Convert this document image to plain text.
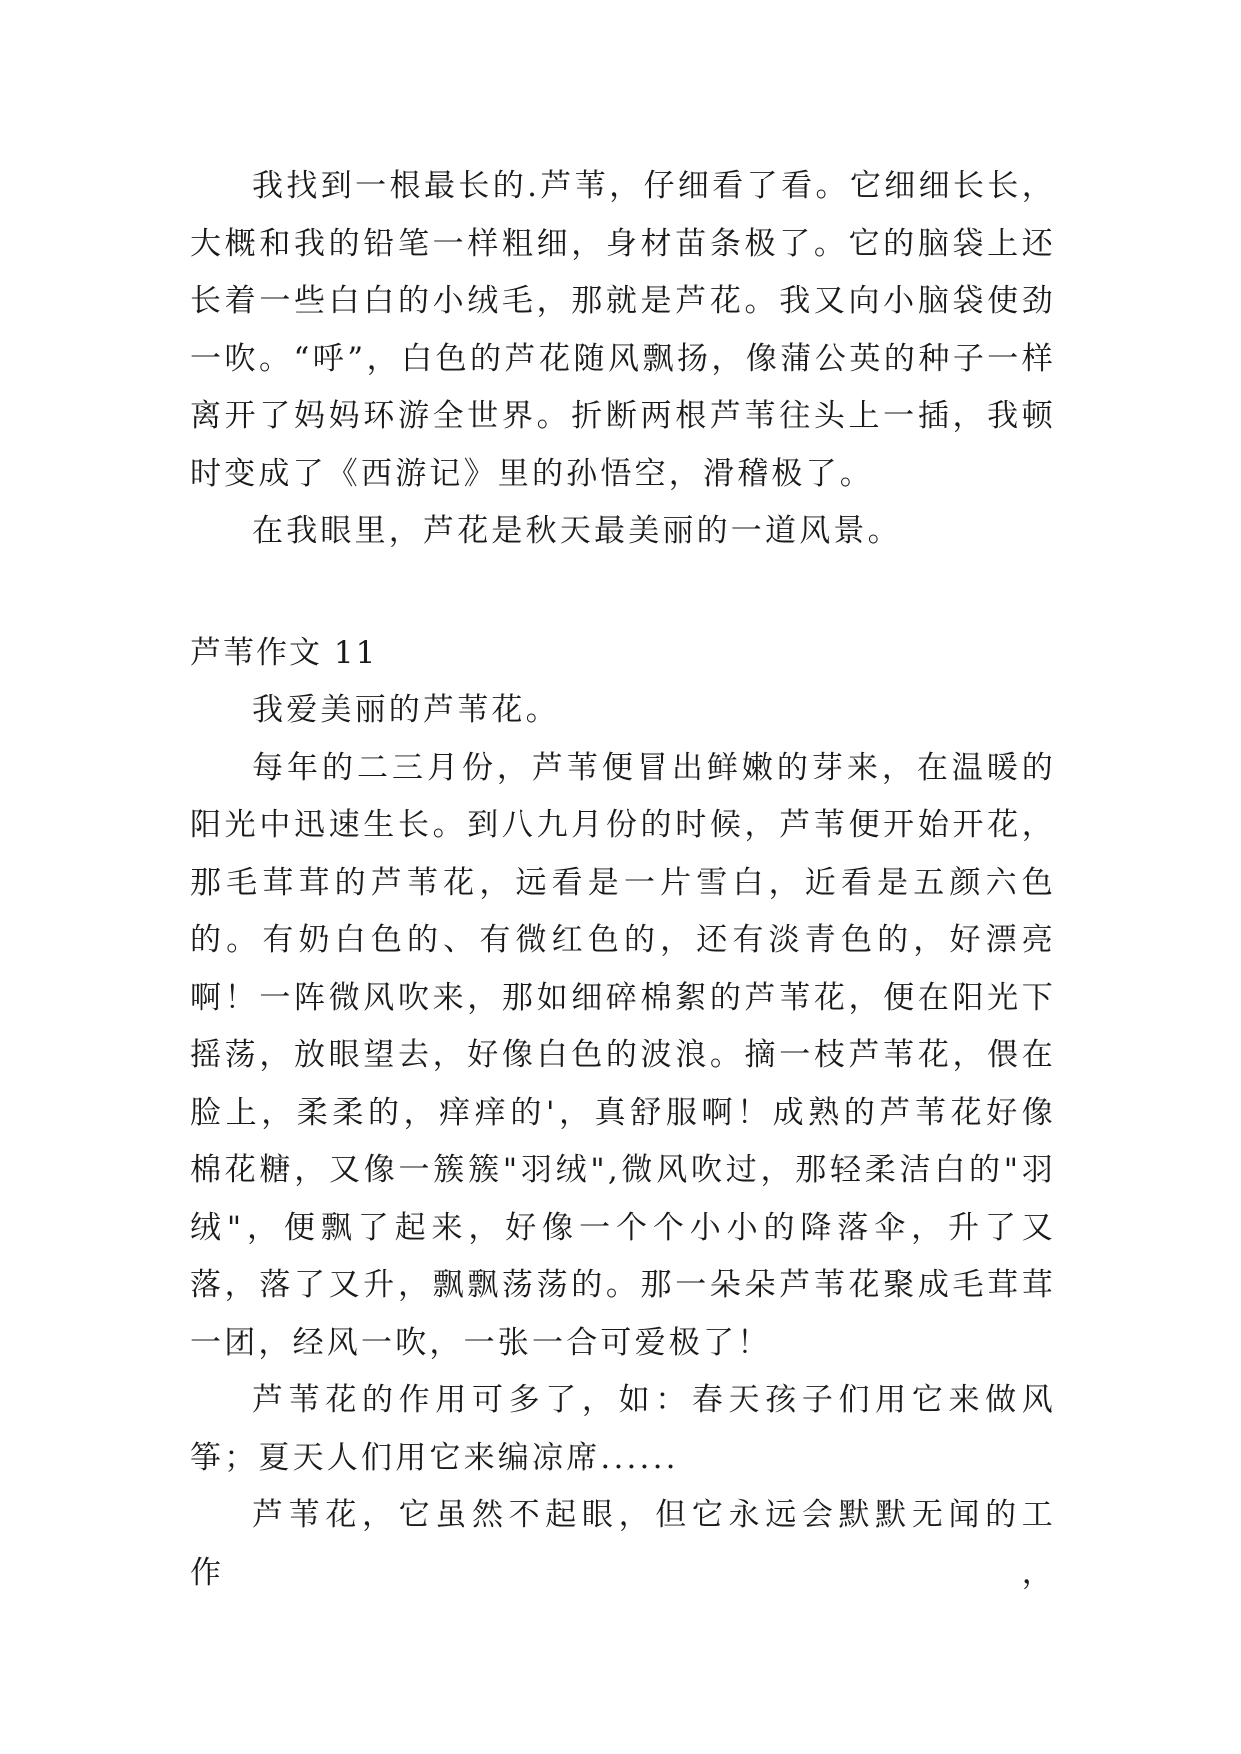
我找到一根最长的.芦苇，仔细看了看。它细细长长，大概和我的铅笔一样粗细，身材苗条极了。它的脑袋上还长着一些白白的小绒毛，那就是芦花。我又向小脑袋使劲一吹。“呼”，白色的芦花随风飘扬，像蒲公英的种子一样离开了妈妈环游全世界。折断两根芦苇往头上一插，我顿时变成了《西游记》里的孙悟空，滑稽极了。

在我眼里，芦花是秋天最美丽的一道风景。

芦苇作文 11

我爱美丽的芦苇花。

每年的二三月份，芦苇便冒出鲜嫩的芽来，在温暖的阳光中迅速生长。到八九月份的时候，芦苇便开始开花，那毛茸茸的芦苇花，远看是一片雪白，近看是五颜六色的。有奶白色的、有微红色的，还有淡青色的，好漂亮啊！一阵微风吹来，那如细碎棉絮的芦苇花，便在阳光下摇荡，放眼望去，好像白色的波浪。摘一枝芦苇花，偎在脸上，柔柔的，痒痒的'，真舒服啊！成熟的芦苇花好像棉花糖，又像一簇簇"羽绒",微风吹过，那轻柔洁白的"羽绒"，便飘了起来，好像一个个小小的降落伞，升了又落，落了又升，飘飘荡荡的。那一朵朵芦苇花聚成毛茸茸一团，经风一吹，一张一合可爱极了！

芦苇花的作用可多了，如：春天孩子们用它来做风筝；夏天人们用它来编凉席......

芦苇花，它虽然不起眼，但它永远会默默无闻的工作，
